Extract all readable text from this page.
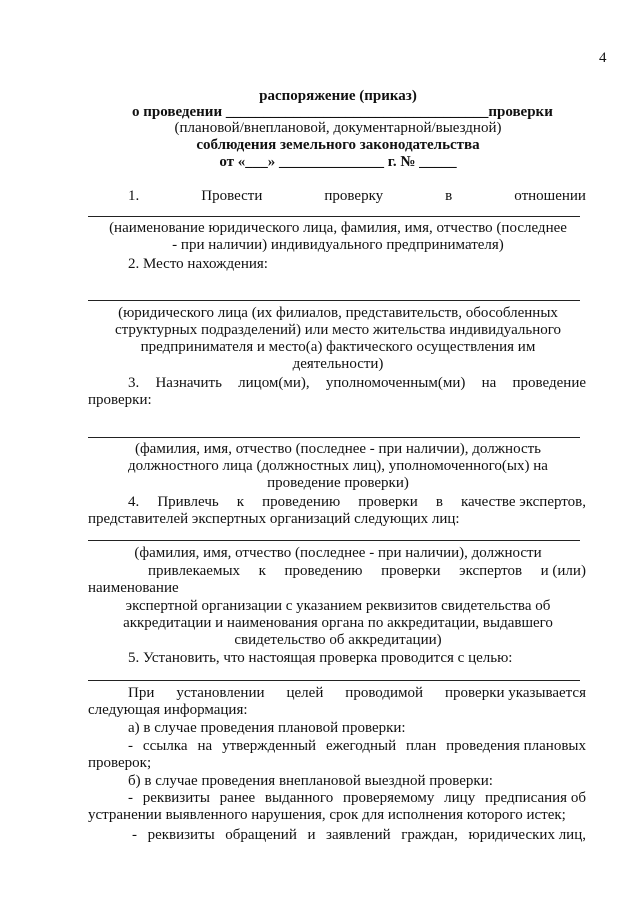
4
распоряжение (приказ)
о проведении ___________________________________проверки
(плановой/внеплановой, документарной/выездной)
соблюдения земельного законодательства
от «___» ______________ г. № _____
1.	Провести	проверку	в	отношении
(наименование юридического лица, фамилия, имя, отчество (последнее
- при наличии) индивидуального предпринимателя)
2. Место нахождения:
(юридического лица (их филиалов, представительств, обособленных
структурных подразделений) или место жительства индивидуального
предпринимателя и место(а) фактического осуществления им
деятельности)
3. Назначить лицом(ми), уполномоченным(ми) на проведение
проверки:
(фамилия, имя, отчество (последнее - при наличии), должность
должностного лица (должностных лиц), уполномоченного(ых) на
проведение проверки)
4. Привлечь к проведению проверки в качестве экспертов,
представителей экспертных организаций следующих лиц:
(фамилия, имя, отчество (последнее - при наличии), должности
привлекаемых к проведению проверки экспертов и (или)
наименование
экспертной организации с указанием реквизитов свидетельства об
аккредитации и наименования органа по аккредитации, выдавшего
свидетельство об аккредитации)
5. Установить, что настоящая проверка проводится с целью:
При установлении целей проводимой проверки указывается
следующая информация:
а) в случае проведения плановой проверки:
- ссылка на утвержденный ежегодный план проведения плановых
проверок;
б) в случае проведения внеплановой выездной проверки:
- реквизиты ранее выданного проверяемому лицу предписания об
устранении выявленного нарушения, срок для исполнения которого истек;
- реквизиты обращений и заявлений граждан, юридических лиц,
